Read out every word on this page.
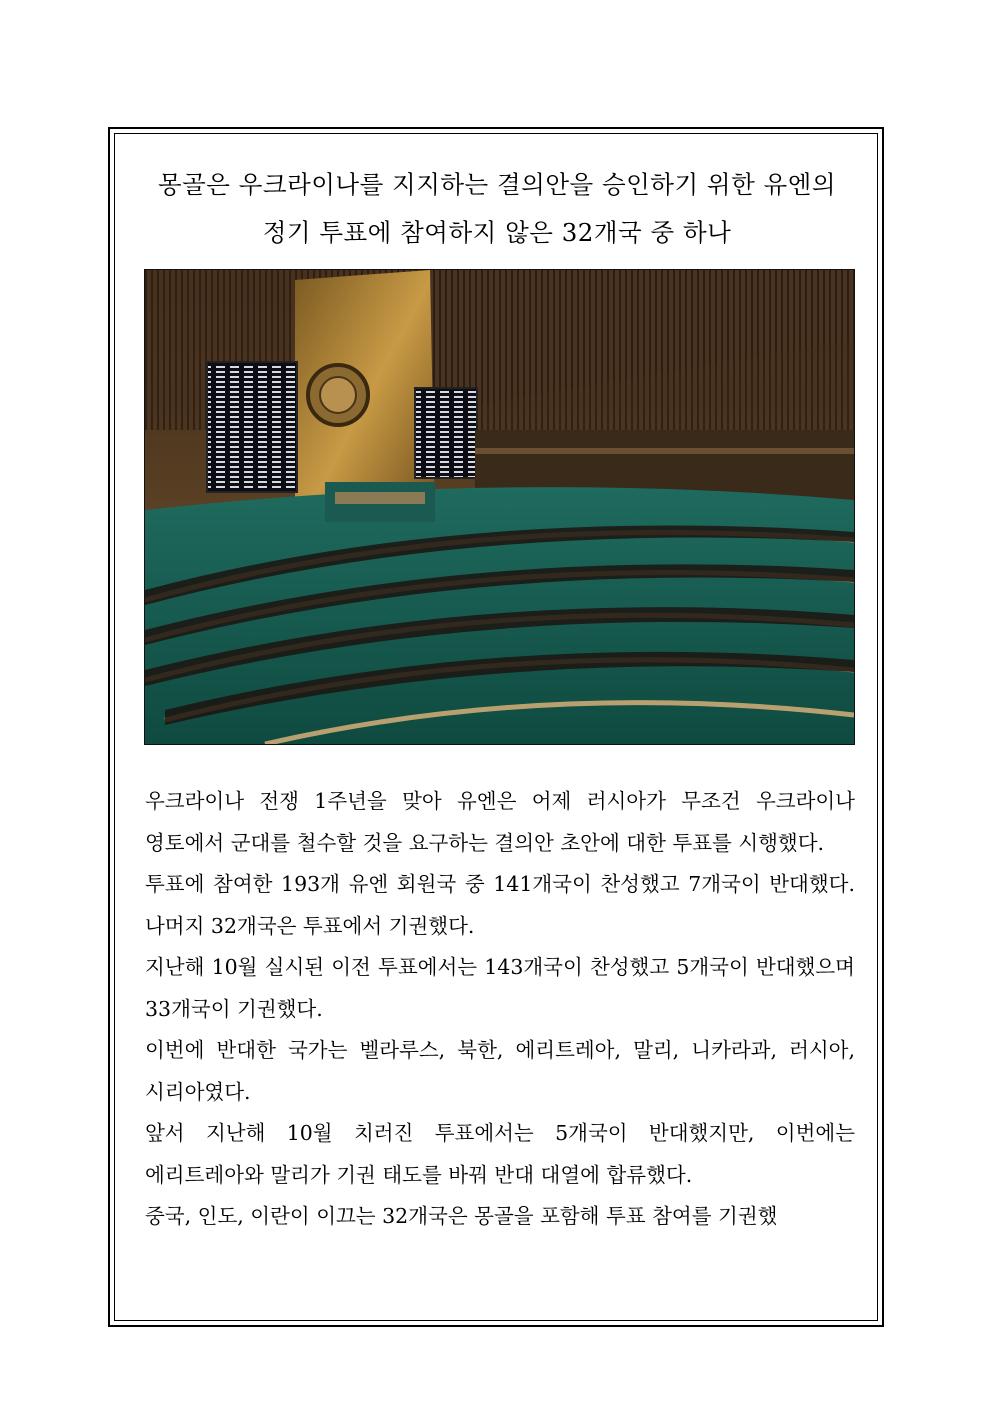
몽골은 우크라이나를 지지하는 결의안을 승인하기 위한 유엔의
정기 투표에 참여하지 않은 32개국 중 하나

우크라이나 전쟁 1주년을 맞아 유엔은 어제 러시아가 무조건 우크라이나 영토에서 군대를 철수할 것을 요구하는 결의안 초안에 대한 투표를 시행했다.

투표에 참여한 193개 유엔 회원국 중 141개국이 찬성했고 7개국이 반대했다. 나머지 32개국은 투표에서 기권했다.

지난해 10월 실시된 이전 투표에서는 143개국이 찬성했고 5개국이 반대했으며 33개국이 기권했다.

이번에 반대한 국가는 벨라루스, 북한, 에리트레아, 말리, 니카라과, 러시아, 시리아였다.

앞서 지난해 10월 치러진 투표에서는 5개국이 반대했지만, 이번에는 에리트레아와 말리가 기권 태도를 바꿔 반대 대열에 합류했다.

중국, 인도, 이란이 이끄는 32개국은 몽골을 포함해 투표 참여를 기권했
